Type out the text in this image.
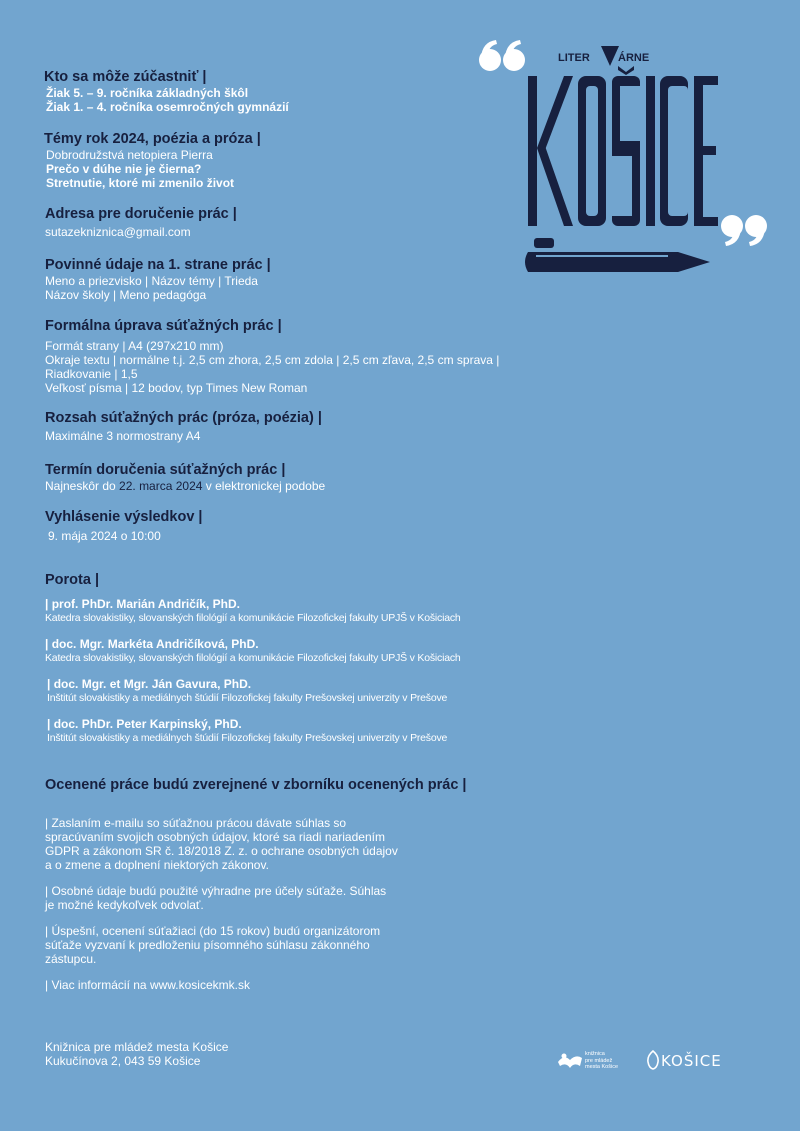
LITER	ÁRNE

Kto sa môže zúčastniť |

Žiak 5. – 9. ročníka základných škôl

Žiak 1. – 4. ročníka osemročných gymnázií

Témy rok 2024, poézia a próza |

Dobrodružstvá netopiera Pierra

Prečo v dúhe nie je čierna?

Stretnutie, ktoré mi zmenilo život

Adresa pre doručenie prác |

sutazekniznica@gmail.com

Povinné údaje na 1. strane prác |

Meno a priezvisko | Názov témy | Trieda

Názov školy | Meno pedagóga

Formálna úprava súťažných prác |

Formát strany | A4 (297x210 mm)

Okraje textu | normálne t.j. 2,5 cm zhora, 2,5 cm zdola | 2,5 cm zľava, 2,5 cm sprava |

Riadkovanie | 1,5

Veľkosť písma | 12 bodov, typ Times New Roman

Rozsah súťažných prác (próza, poézia) |

Maximálne 3 normostrany A4

Termín doručenia súťažných prác |

Najneskôr do 22. marca 2024 v elektronickej podobe

Vyhlásenie výsledkov |

9. mája 2024 o 10:00

Porota |

| prof. PhDr. Marián Andričík, PhD.

Katedra slovakistiky, slovanských filológií a komunikácie Filozofickej fakulty UPJŠ v Košiciach

| doc. Mgr. Markéta Andričíková, PhD.

Katedra slovakistiky, slovanských filológií a komunikácie Filozofickej fakulty UPJŠ v Košiciach

| doc. Mgr. et Mgr. Ján Gavura, PhD.

Inštitút slovakistiky a mediálnych štúdií Filozofickej fakulty Prešovskej univerzity v Prešove

| doc. PhDr. Peter Karpinský, PhD.

Inštitút slovakistiky a mediálnych štúdií Filozofickej fakulty Prešovskej univerzity v Prešove

Ocenené práce budú zverejnené v zborníku ocenených prác |

| Zaslaním e-mailu so súťažnou prácou dávate súhlas so

spracúvaním svojich osobných údajov, ktoré sa riadi nariadením

GDPR a zákonom SR č. 18/2018 Z. z. o ochrane osobných údajov

a o zmene a doplnení niektorých zákonov.

| Osobné údaje budú použité výhradne pre účely súťaže. Súhlas

je možné kedykoľvek odvolať.

| Úspešní, ocenení súťažiaci (do 15 rokov) budú organizátorom

súťaže vyzvaní k predloženiu písomného súhlasu zákonného

zástupcu.

| Viac informácií na www.kosicekmk.sk

Knižnica pre mládež mesta Košice

Kukučínova 2, 043 59 Košice	knižnica
pre mládež
mesta Košice	KOŠICE
